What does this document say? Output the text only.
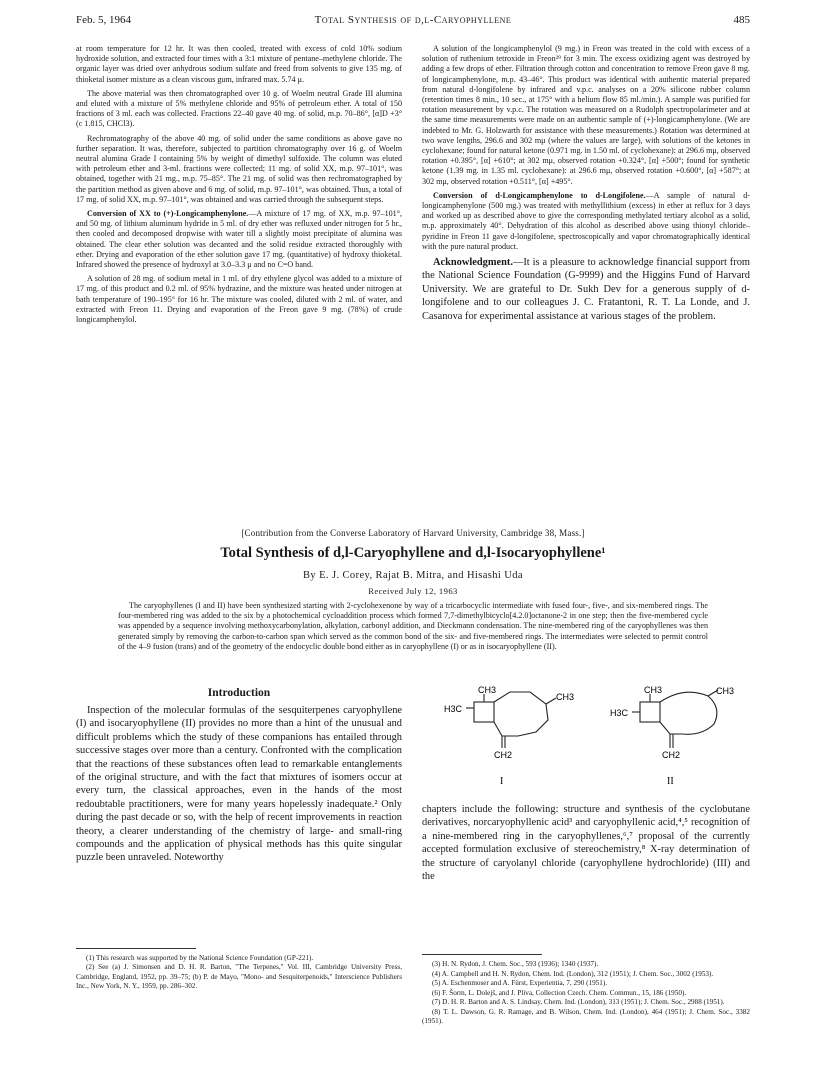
Feb. 5, 1964	Total Synthesis of d,l-Caryophyllene	485

at room temperature for 12 hr. It was then cooled, treated with excess of cold 10% sodium hydroxide solution, and extracted four times with a 3:1 mixture of pentane–methylene chloride. The organic layer was dried over anhydrous sodium sulfate and freed from solvents to give 135 mg. of thioketal isomer mixture as a clean viscous gum, infrared max. 5.74 μ.

The above material was then chromatographed over 10 g. of Woelm neutral Grade III alumina and eluted with a mixture of 5% methylene chloride and 95% of petroleum ether. A total of 150 fractions of 3 ml. each was collected. Fractions 22–40 gave 40 mg. of solid, m.p. 70–86°, [α]D +3° (c 1.815, CHCl3).

Rechromatography of the above 40 mg. of solid under the same conditions as above gave no further separation. It was, therefore, subjected to partition chromatography over 16 g. of Woelm neutral alumina Grade I containing 5% by weight of dimethyl sulfoxide. The column was eluted with petroleum ether and 3-ml. fractions were collected; 11 mg. of solid XX, m.p. 97–101°, was obtained, together with 21 mg., m.p. 75–85°. The 21 mg. of solid was then rechromatographed by the partition method as given above and 6 mg. of solid, m.p. 97–101°, was obtained. Thus, a total of 17 mg. of solid XX, m.p. 97–101°, was obtained and was carried through the subsequent steps.

Conversion of XX to (+)-Longicamphenylone.—A mixture of 17 mg. of XX, m.p. 97–101°, and 50 mg. of lithium aluminum hydride in 5 ml. of dry ether was refluxed under nitrogen for 5 hr., then cooled and decomposed dropwise with water till a slightly moist precipitate of alumina was obtained. The clear ether solution was decanted and the solid residue extracted thoroughly with ether. Drying and evaporation of the ether solution gave 17 mg. (quantitative) of hydroxy thioketal. Infrared showed the presence of hydroxyl at 3.0–3.3 μ and no C=O band.

A solution of 28 mg. of sodium metal in 1 ml. of dry ethylene glycol was added to a mixture of 17 mg. of this product and 0.2 ml. of 95% hydrazine, and the mixture was heated under nitrogen at bath temperature of 190–195° for 16 hr. The mixture was cooled, diluted with 2 ml. of water, and extracted with Freon 11. Drying and evaporation of the Freon gave 9 mg. (78%) of crude longicamphenylol.

A solution of the longicamphenylol (9 mg.) in Freon was treated in the cold with excess of a solution of ruthenium tetroxide in Freon²⁹ for 3 min. The excess oxidizing agent was destroyed by adding a few drops of ether. Filtration through cotton and concentration to remove Freon gave 8 mg. of longicamphenylone, m.p. 43–46°. This product was identical with authentic material prepared from natural d-longifolene by infrared and v.p.c. analyses on a 20% silicone rubber column (retention times 8 min., 10 sec., at 175° with a helium flow 85 ml./min.). A sample was purified for rotation measurement by v.p.c. The rotation was measured on a Rudolph spectropolarimeter and at the same time measurements were made on an authentic sample of (+)-longicamphenylone. (We are indebted to Mr. G. Holzwarth for assistance with these measurements.) Rotation was determined at two wave lengths, 296.6 and 302 mμ (where the values are large), with solutions of the ketones in cyclohexane; found for natural ketone (0.971 mg. in 1.50 ml. of cyclohexane): at 296.6 mμ, observed rotation +0.395°, [α] +610°; at 302 mμ, observed rotation +0.324°, [α] +500°; found for synthetic ketone (1.39 mg. in 1.35 ml. cyclohexane): at 296.6 mμ, observed rotation +0.600°, [α] +587°; at 302 mμ, observed rotation +0.511°, [α] +495°.

Conversion of d-Longicamphenylone to d-Longifolene.—A sample of natural d-longicamphenylone (500 mg.) was treated with methyllithium (excess) in ether at reflux for 3 days and worked up as described above to give the corresponding methylated tertiary alcohol as a solid, m.p. approximately 40°. Dehydration of this alcohol as described above using thionyl chloride–pyridine in Freon 11 gave d-longifolene, spectroscopically and vapor chromatographically identical with the pure natural product.

Acknowledgment.—It is a pleasure to acknowledge financial support from the National Science Foundation (G-9999) and the Higgins Fund of Harvard University. We are grateful to Dr. Sukh Dev for a generous supply of d-longifolene and to our colleagues J. C. Fratantoni, R. T. La Londe, and J. Casanova for experimental assistance at various stages of the problem.

[Contribution from the Converse Laboratory of Harvard University, Cambridge 38, Mass.]
Total Synthesis of d,l-Caryophyllene and d,l-Isocaryophyllene¹
By E. J. Corey, Rajat B. Mitra, and Hisashi Uda
Received July 12, 1963
The caryophyllenes (I and II) have been synthesized starting with 2-cyclohexenone by way of a tricarbocyclic intermediate with fused four-, five-, and six-membered rings. The four-membered ring was added to the six by a photochemical cycloaddition process which formed 7,7-dimethylbicyclo[4.2.0]octanone-2 in one step; then the five-membered cycle was appended by a sequence involving methoxycarbonylation, alkylation, carbonyl addition, and Dieckmann condensation. The nine-membered ring of the caryophyllenes was then generated simply by removing the carbon-to-carbon span which served as the common bond of the six- and five-membered rings. The intermediates were selected to permit control of the 4–9 fusion (trans) and of the geometry of the endocyclic double bond either as in caryophyllene (I) or as in isocaryophyllene (II).
Introduction
Inspection of the molecular formulas of the sesquiterpenes caryophyllene (I) and isocaryophyllene (II) provides no more than a hint of the unusual and difficult problems which the study of these companions has entailed through successive stages over more than a century. Confronted with the complication that the reactions of these substances often lead to remarkable entanglements of the original structure, and with the fact that mixtures of isomers occur at every turn, the classical approaches, even in the hands of the most redoubtable practitioners, were for many years hopelessly inadequate.² Only during the past decade or so, with the help of recent improvements in reaction theory, a clearer understanding of the chemistry of large- and small-ring compounds and the application of physical methods has this quite singular puzzle been unraveled. Noteworthy

(1) This research was supported by the National Science Foundation (GP-221).

(2) See (a) J. Simonsen and D. H. R. Barton, "The Terpenes," Vol. III, Cambridge University Press, Cambridge, England, 1952, pp. 39–75; (b) P. de Mayo, "Mono- and Sesquiterpenoids," Interscience Publishers Inc., New York, N. Y., 1959, pp. 286–302.

CH3
CH3
H3C
CH2
I
CH3	CH3
H3C
CH2
II
chapters include the following: structure and synthesis of the cyclobutane derivatives, norcaryophyllenic acid³ and caryophyllenic acid,⁴,⁵ recognition of a nine-membered ring in the caryophyllenes,⁶,⁷ proposal of the currently accepted formulation exclusive of stereochemistry,⁸ X-ray determination of the structure of caryolanyl chloride (caryophyllene hydrochloride) (III) and the

(3) H. N. Rydon, J. Chem. Soc., 593 (1936); 1340 (1937).

(4) A. Campbell and H. N. Rydon, Chem. Ind. (London), 312 (1951); J. Chem. Soc., 3002 (1953).

(5) A. Eschenmoser and A. Fürst, Experientia, 7, 290 (1951).

(6) F. Šorm, L. Dolejš, and J. Pliva, Collection Czech. Chem. Commun., 15, 186 (1950).

(7) D. H. R. Barton and A. S. Lindsay, Chem. Ind. (London), 313 (1951); J. Chem. Soc., 2988 (1951).

(8) T. L. Dawson, G. R. Ramage, and B. Wilson, Chem. Ind. (London), 464 (1951); J. Chem. Soc., 3382 (1951).
